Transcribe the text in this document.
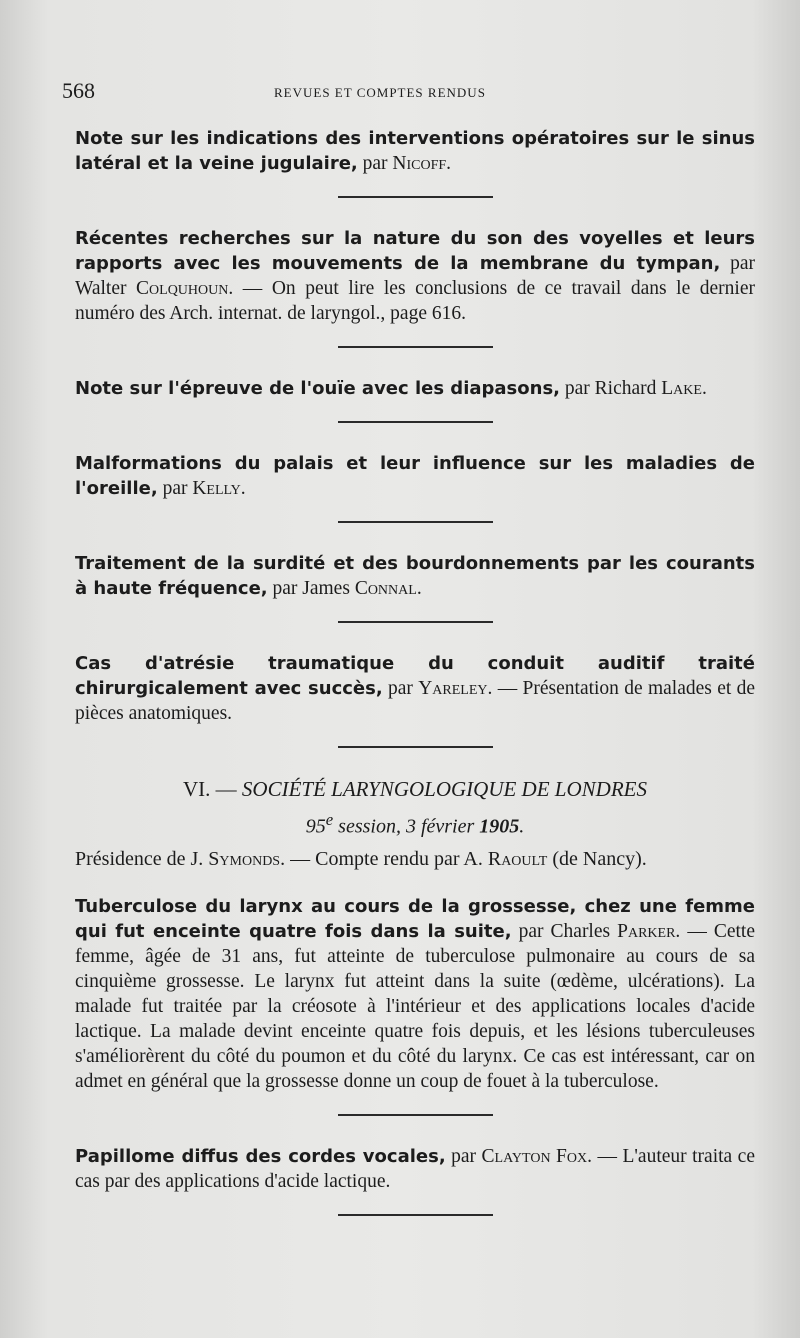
568	REVUES ET COMPTES RENDUS

Note sur les indications des interventions opératoires sur le sinus latéral et la veine jugulaire, par Nicoff.

Récentes recherches sur la nature du son des voyelles et leurs rapports avec les mouvements de la membrane du tympan, par Walter Colquhoun. — On peut lire les conclusions de ce travail dans le dernier numéro des Arch. internat. de laryngol., page 616.

Note sur l'épreuve de l'ouïe avec les diapasons, par Richard Lake.

Malformations du palais et leur influence sur les maladies de l'oreille, par Kelly.

Traitement de la surdité et des bourdonnements par les courants à haute fréquence, par James Connal.

Cas d'atrésie traumatique du conduit auditif traité chirurgicalement avec succès, par Yareley. — Présentation de malades et de pièces anatomiques.

VI. — SOCIÉTÉ LARYNGOLOGIQUE DE LONDRES

95e session, 3 février 1905.

Présidence de J. Symonds. — Compte rendu par A. Raoult (de Nancy).

Tuberculose du larynx au cours de la grossesse, chez une femme qui fut enceinte quatre fois dans la suite, par Charles Parker. — Cette femme, âgée de 31 ans, fut atteinte de tuberculose pulmonaire au cours de sa cinquième grossesse. Le larynx fut atteint dans la suite (œdème, ulcérations). La malade fut traitée par la créosote à l'intérieur et des applications locales d'acide lactique. La malade devint enceinte quatre fois depuis, et les lésions tuberculeuses s'améliorèrent du côté du poumon et du côté du larynx. Ce cas est intéressant, car on admet en général que la grossesse donne un coup de fouet à la tuberculose.

Papillome diffus des cordes vocales, par Clayton Fox. — L'auteur traita ce cas par des applications d'acide lactique.
